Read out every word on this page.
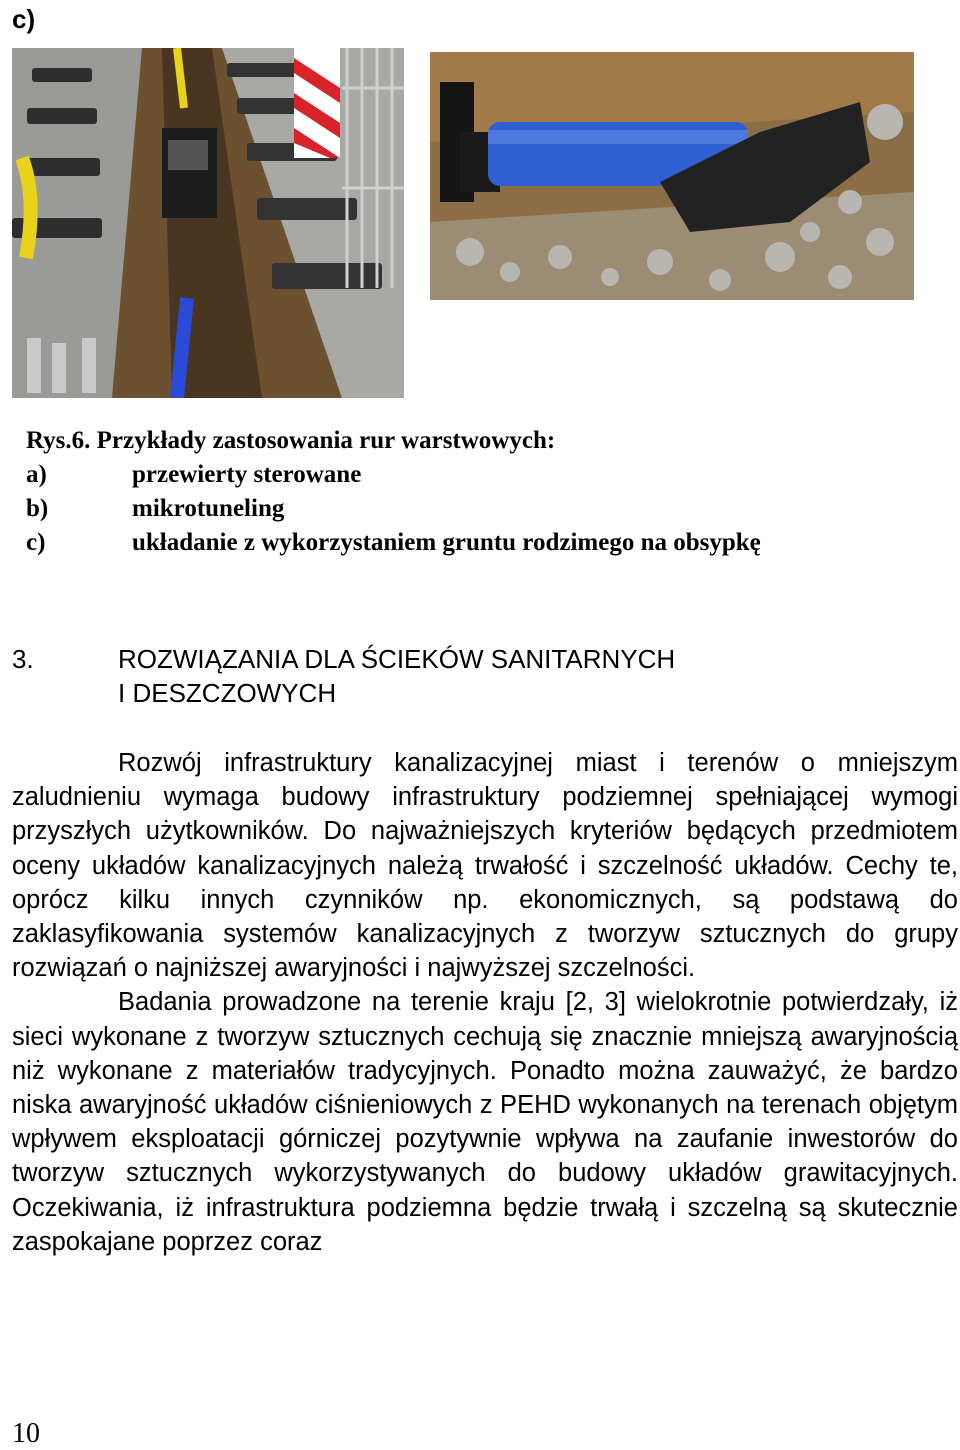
c)
Rys.6. Przykłady zastosowania rur warstwowych:
a)	przewierty sterowane
b)	mikrotuneling
c)	układanie z wykorzystaniem gruntu rodzimego na obsypkę
3.	ROZWIĄZANIA DLA ŚCIEKÓW SANITARNYCH
I DESZCZOWYCH

Rozwój infrastruktury kanalizacyjnej miast i terenów o mniejszym zaludnieniu wymaga budowy infrastruktury podziemnej spełniającej wymogi przyszłych użytkowników. Do najważniejszych kryteriów będących przedmiotem oceny układów kanalizacyjnych należą trwałość i szczelność układów. Cechy te, oprócz kilku innych czynników np. ekonomicznych, są podstawą do zaklasyfikowania systemów kanalizacyjnych z tworzyw sztucznych do grupy rozwiązań o najniższej awaryjności i najwyższej szczelności.

Badania prowadzone na terenie kraju [2, 3] wielokrotnie potwierdzały, iż sieci wykonane z tworzyw sztucznych cechują się znacznie mniejszą awaryjnością niż wykonane z materiałów tradycyjnych. Ponadto można zauważyć, że bardzo niska awaryjność układów ciśnieniowych z PEHD wykonanych na terenach objętym wpływem eksploatacji górniczej pozytywnie wpływa na zaufanie inwestorów do tworzyw sztucznych wykorzystywanych do budowy układów grawitacyjnych. Oczekiwania, iż infrastruktura podziemna będzie trwałą i szczelną są skutecznie zaspokajane poprzez coraz

10
